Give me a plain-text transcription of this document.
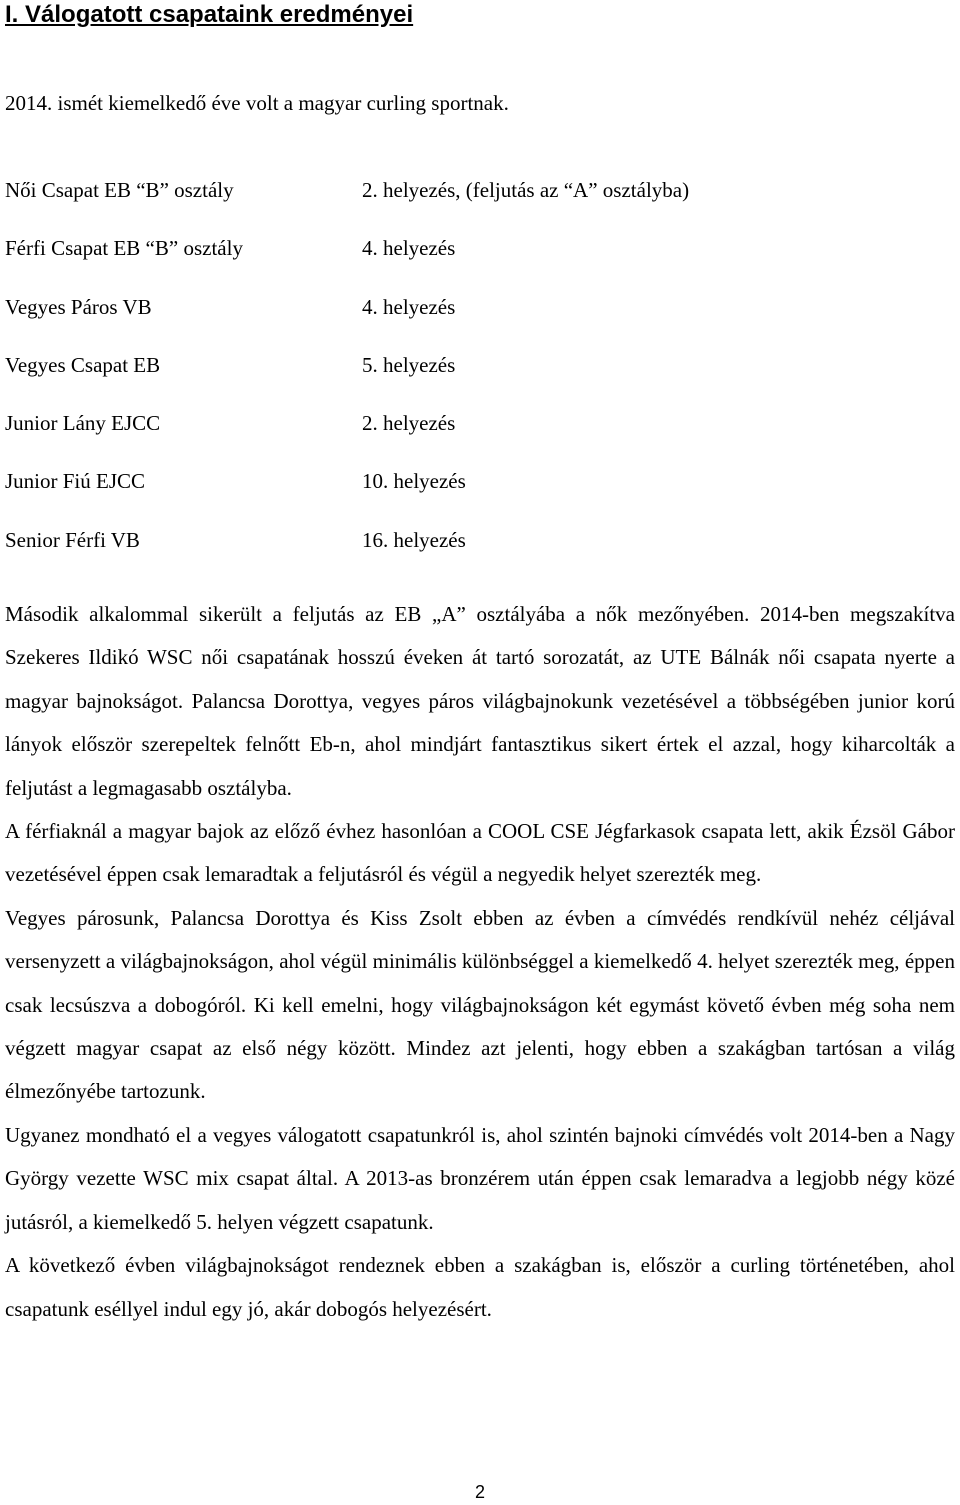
I. Válogatott csapataink eredményei

2014. ismét kiemelkedő éve volt a magyar curling sportnak.

Női Csapat EB “B” osztály	2. helyezés, (feljutás az “A” osztályba)
Férfi Csapat EB “B” osztály	4. helyezés
Vegyes Páros VB	4. helyezés
Vegyes Csapat EB	5. helyezés
Junior Lány EJCC	2. helyezés
Junior Fiú EJCC	10. helyezés
Senior Férfi VB	16. helyezés

Második alkalommal sikerült a feljutás az EB „A” osztályába a nők mezőnyében. 2014-ben megszakítva Szekeres Ildikó WSC női csapatának hosszú éveken át tartó sorozatát, az UTE Bálnák női csapata nyerte a magyar bajnokságot. Palancsa Dorottya, vegyes páros világbajnokunk vezetésével a többségében junior korú lányok először szerepeltek felnőtt Eb-n, ahol mindjárt fantasztikus sikert értek el azzal, hogy kiharcolták a feljutást a legmagasabb osztályba.

A férfiaknál a magyar bajok az előző évhez hasonlóan a COOL CSE Jégfarkasok csapata lett, akik Ézsöl Gábor vezetésével éppen csak lemaradtak a feljutásról és végül a negyedik helyet szerezték meg.

Vegyes párosunk, Palancsa Dorottya és Kiss Zsolt ebben az évben a címvédés rendkívül nehéz céljával versenyzett a világbajnokságon, ahol végül minimális különbséggel a kiemelkedő 4. helyet szerezték meg, éppen csak lecsúszva a dobogóról. Ki kell emelni, hogy világbajnokságon két egymást követő évben még soha nem végzett magyar csapat az első négy között. Mindez azt jelenti, hogy ebben a szakágban tartósan a világ élmezőnyébe tartozunk.

Ugyanez mondható el a vegyes válogatott csapatunkról is, ahol szintén bajnoki címvédés volt 2014-ben a Nagy György vezette WSC mix csapat által. A 2013-as bronzérem után éppen csak lemaradva a legjobb négy közé jutásról, a kiemelkedő 5. helyen végzett csapatunk.

A következő évben világbajnokságot rendeznek ebben a szakágban is, először a curling történetében, ahol csapatunk eséllyel indul egy jó, akár dobogós helyezésért.

2
